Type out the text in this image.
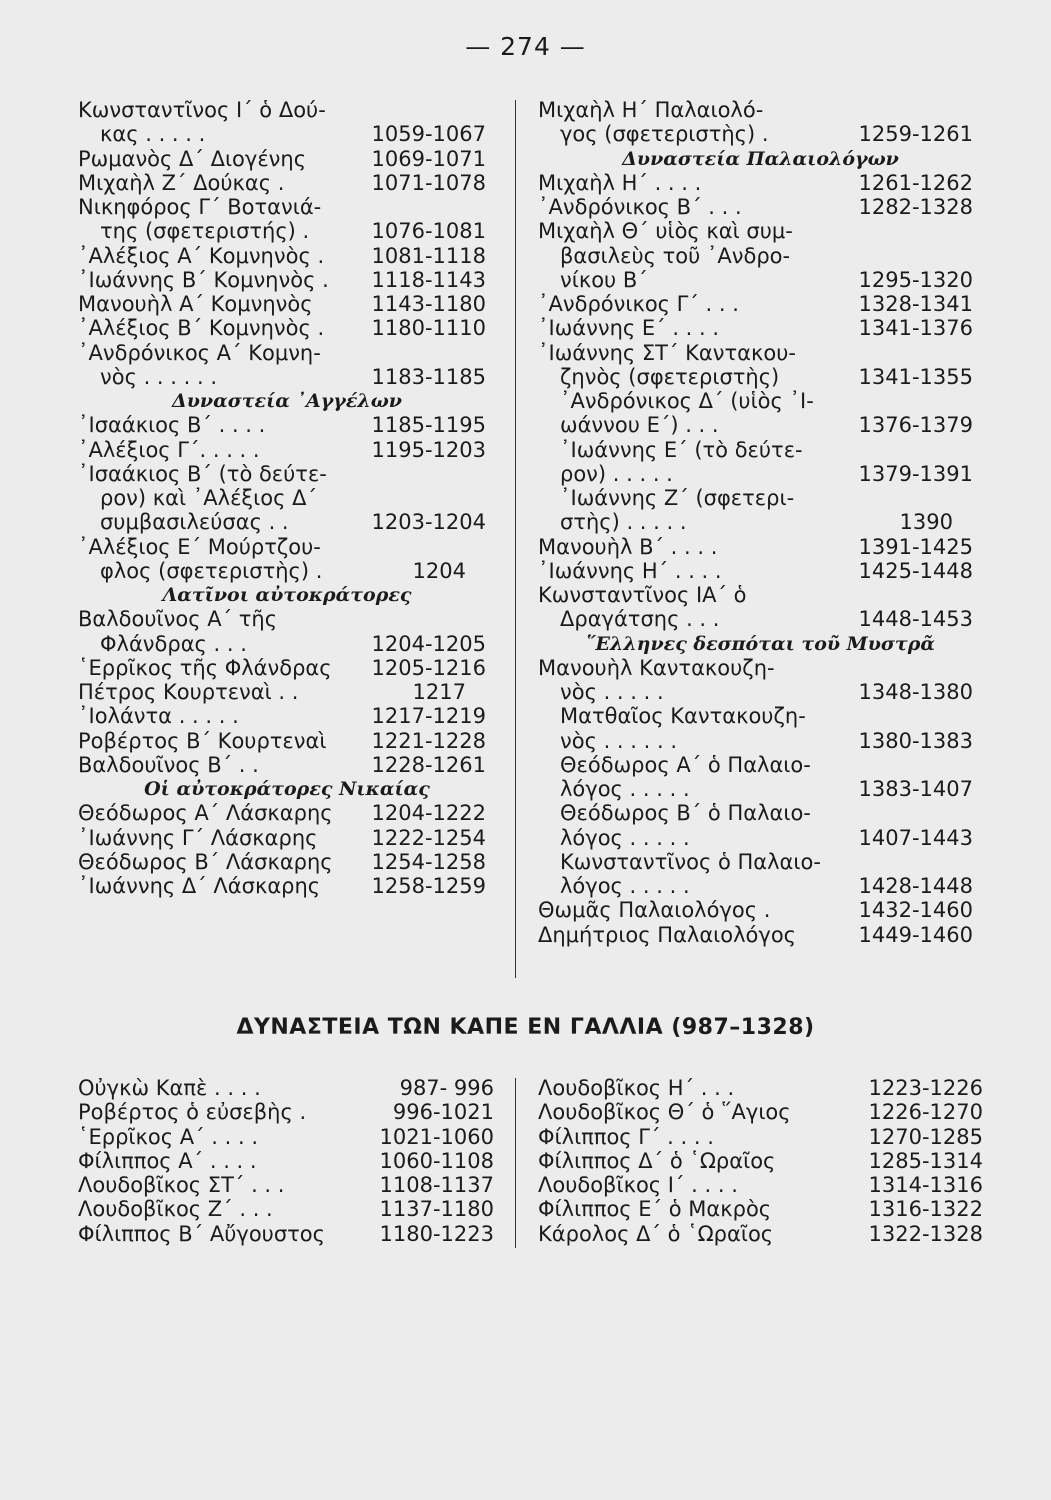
— 274 —
Κωνσταντῖνος Ι΄ ὁ Δού-
κας . . . . .	1059-1067
Ρωμανὸς Δ΄ Διογένης	1069-1071
Μιχαὴλ Ζ΄ Δούκας .	1071-1078
Νικηφόρος Γ΄ Βοτανιά-
της (σφετεριστής) .	1076-1081
᾿Αλέξιος Α΄ Κομνηνὸς . 1081-1118
᾿Ιωάννης Β΄ Κομνηνὸς . 1118-1143
Μανουὴλ Α΄ Κομνηνὸς	1143-1180
᾿Αλέξιος Β΄ Κομνηνὸς . 1180-1110
᾿Ανδρόνικος Α΄ Κομνη-
νὸς . . . . . .	1183-1185
Δυναστεία ᾿Αγγέλων
᾿Ισαάκιος Β΄ . . . .	1185-1195
᾿Αλέξιος Γ΄. . . . .	1195-1203
᾿Ισαάκιος Β΄ (τὸ δεύτε-
ρον) καὶ ᾿Αλέξιος Δ΄
συμβασιλεύσας . .	1203-1204
᾿Αλέξιος Ε΄ Μούρτζου-
φλος (σφετεριστὴς) .	1204
Λατῖνοι αὐτοκράτορες
Βαλδουῖνος Α΄ τῆς
Φλάνδρας . . .	1204-1205
῾Ερρῖκος τῆς Φλάνδρας 1205-1216
Πέτρος Κουρτεναὶ . .	1217
᾿Ιολάντα . . . . .	1217-1219
Ροβέρτος Β΄ Κουρτεναὶ 1221-1228
Βαλδουῖνος Β΄ . .	1228-1261
Οἱ αὐτοκράτορες Νικαίας
Θεόδωρος Α΄ Λάσκαρης 1204-1222
᾿Ιωάννης Γ΄ Λάσκαρης	1222-1254
Θεόδωρος Β΄ Λάσκαρης 1254-1258
᾿Ιωάννης Δ΄ Λάσκαρης 1258-1259
Μιχαὴλ Η΄ Παλαιολό-
γος (σφετεριστὴς) .	1259-1261
Δυναστεία Παλαιολόγων
Μιχαὴλ Η΄ . . . .	1261-1262
᾿Ανδρόνικος Β΄ . . .	1282-1328
Μιχαὴλ Θ΄ υἱὸς καὶ συμ-
βασιλεὺς τοῦ ᾿Ανδρο-
νίκου Β΄	1295-1320
᾿Ανδρόνικος Γ΄ . . .	1328-1341
᾿Ιωάννης Ε΄ . . . .	1341-1376
᾿Ιωάννης ΣΤ΄ Καντακου-
ζηνὸς (σφετεριστὴς)	1341-1355
᾿Ανδρόνικος Δ΄ (υἱὸς ᾿Ι-
ωάννου Ε΄) . . .	1376-1379
᾿Ιωάννης Ε΄ (τὸ δεύτε-
ρον) . . . . .	1379-1391
᾿Ιωάννης Ζ΄ (σφετερι-
στὴς) . . . . .	1390
Μανουὴλ Β΄ . . . .	1391-1425
᾿Ιωάννης Η΄ . . . .	1425-1448
Κωνσταντῖνος ΙΑ΄ ὁ
Δραγάτσης . . .	1448-1453
῞Ελληνες δεσπόται τοῦ Μυστρᾶ
Μανουὴλ Καντακουζη-
νὸς . . . . .	1348-1380
Ματθαῖος Καντακουζη-
νὸς . . . . . .	1380-1383
Θεόδωρος Α΄ ὁ Παλαιο-
λόγος . . . . .	1383-1407
Θεόδωρος Β΄ ὁ Παλαιο-
λόγος . . . . .	1407-1443
Κωνσταντῖνος ὁ Παλαιο-
λόγος . . . . .	1428-1448
Θωμᾶς Παλαιολόγος .	1432-1460
Δημήτριος Παλαιολόγος	1449-1460
ΔΥΝΑΣΤΕΙΑ ΤΩΝ ΚΑΠΕ ΕΝ ΓΑΛΛΙΑ (987–1328)
Οὐγκὼ Καπὲ . . . .	987- 996
Ροβέρτος ὁ εὐσεβὴς .	996-1021
῾Ερρῖκος Α΄ . . . .	1021-1060
Φίλιππος Α΄ . . . .	1060-1108
Λουδοβῖκος ΣΤ΄ . . .	1108-1137
Λουδοβῖκος Ζ΄ . . .	1137-1180
Φίλιππος Β΄ Αὔγουστος	1180-1223
Λουδοβῖκος Η΄ . . .	1223-1226
Λουδοβῖκος Θ΄ ὁ ῞Αγιος	1226-1270
Φίλιππος Γ΄ . . . .	1270-1285
Φίλιππος Δ΄ ὁ ῾Ωραῖος	1285-1314
Λουδοβῖκος Ι΄ . . . .	1314-1316
Φίλιππος Ε΄ ὁ Μακρὸς	1316-1322
Κάρολος Δ΄ ὁ ῾Ωραῖος	1322-1328
